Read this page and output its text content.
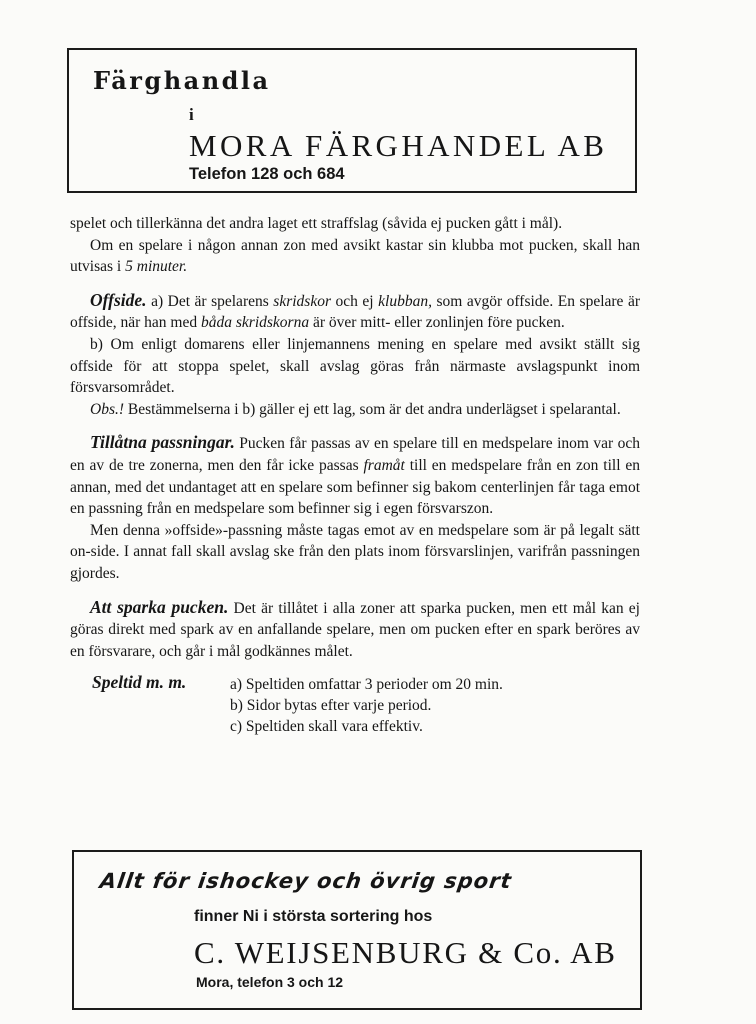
Färghandla
i
MORA FÄRGHANDEL AB
Telefon 128 och 684

spelet och tillerkänna det andra laget ett straffslag (såvida ej pucken gått i mål).

Om en spelare i någon annan zon med avsikt kastar sin klubba mot pucken, skall han utvisas i 5 minuter.

Offside. a) Det är spelarens skridskor och ej klubban, som avgör offside. En spelare är offside, när han med båda skridskorna är över mitt- eller zonlinjen före pucken.

b) Om enligt domarens eller linjemannens mening en spelare med avsikt ställt sig offside för att stoppa spelet, skall avslag göras från närmaste avslagspunkt inom försvarsområdet.

Obs.! Bestämmelserna i b) gäller ej ett lag, som är det andra underlägset i spelarantal.

Tillåtna passningar. Pucken får passas av en spelare till en medspelare inom var och en av de tre zonerna, men den får icke passas framåt till en medspelare från en zon till en annan, med det undantaget att en spelare som befinner sig bakom centerlinjen får taga emot en passning från en medspelare som befinner sig i egen försvarszon.

Men denna »offside»-passning måste tagas emot av en medspelare som är på legalt sätt on-side. I annat fall skall avslag ske från den plats inom försvarslinjen, varifrån passningen gjordes.

Att sparka pucken. Det är tillåtet i alla zoner att sparka pucken, men ett mål kan ej göras direkt med spark av en anfallande spelare, men om pucken efter en spark beröres av en försvarare, och går i mål godkännes målet.

Speltid m. m.	a) Speltiden omfattar 3 perioder om 20 min.
b) Sidor bytas efter varje period.
c) Speltiden skall vara effektiv.
Allt för ishockey och övrig sport
finner Ni i största sortering hos
C. WEIJSENBURG & Co. AB
Mora, telefon 3 och 12
